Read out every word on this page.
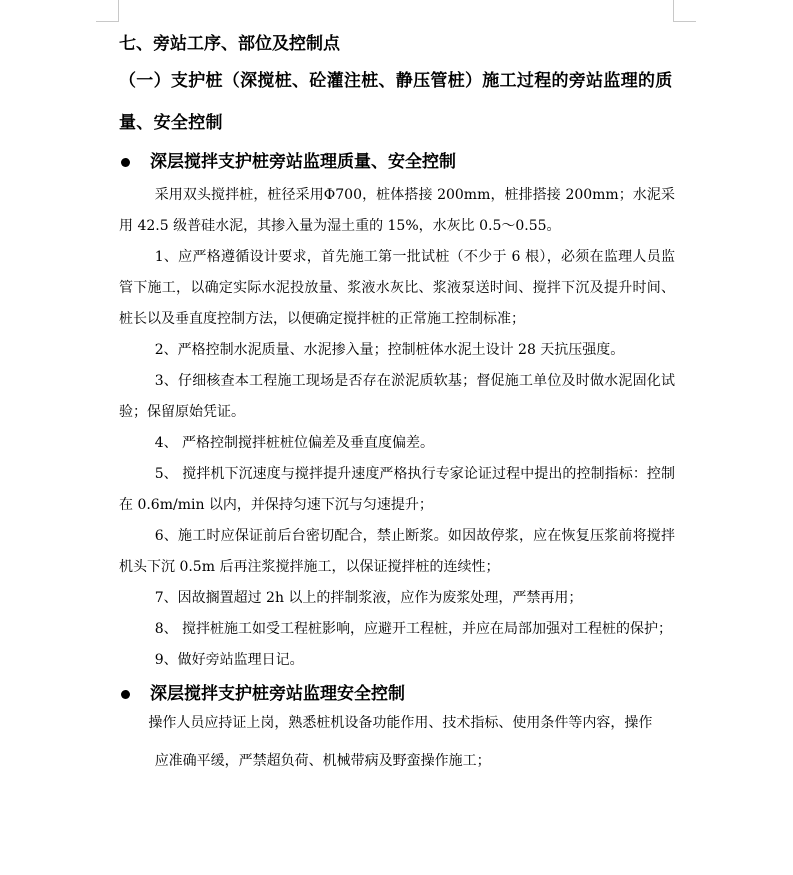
七、旁站工序、部位及控制点

（一）支护桩（深搅桩、砼灌注桩、静压管桩）施工过程的旁站监理的质量、安全控制

深层搅拌支护桩旁站监理质量、安全控制

采用双头搅拌桩，桩径采用Φ700，桩体搭接 200mm，桩排搭接 200mm；水泥采用 42.5 级普硅水泥，其掺入量为湿土重的 15%，水灰比 0.5～0.55。

1、应严格遵循设计要求，首先施工第一批试桩（不少于 6 根），必须在监理人员监管下施工，以确定实际水泥投放量、浆液水灰比、浆液泵送时间、搅拌下沉及提升时间、桩长以及垂直度控制方法，以便确定搅拌桩的正常施工控制标准；

2、严格控制水泥质量、水泥掺入量；控制桩体水泥土设计 28 天抗压强度。

3、仔细核查本工程施工现场是否存在淤泥质软基；督促施工单位及时做水泥固化试验；保留原始凭证。

4、 严格控制搅拌桩桩位偏差及垂直度偏差。

5、 搅拌机下沉速度与搅拌提升速度严格执行专家论证过程中提出的控制指标：控制在 0.6m/min 以内，并保持匀速下沉与匀速提升；

6、施工时应保证前后台密切配合，禁止断浆。如因故停浆，应在恢复压浆前将搅拌机头下沉 0.5m 后再注浆搅拌施工，以保证搅拌桩的连续性；

7、因故搁置超过 2h 以上的拌制浆液，应作为废浆处理，严禁再用；

8、 搅拌桩施工如受工程桩影响，应避开工程桩，并应在局部加强对工程桩的保护；

9、做好旁站监理日记。

深层搅拌支护桩旁站监理安全控制

操作人员应持证上岗，熟悉桩机设备功能作用、技术指标、使用条件等内容，操作

应准确平缓，严禁超负荷、机械带病及野蛮操作施工；
